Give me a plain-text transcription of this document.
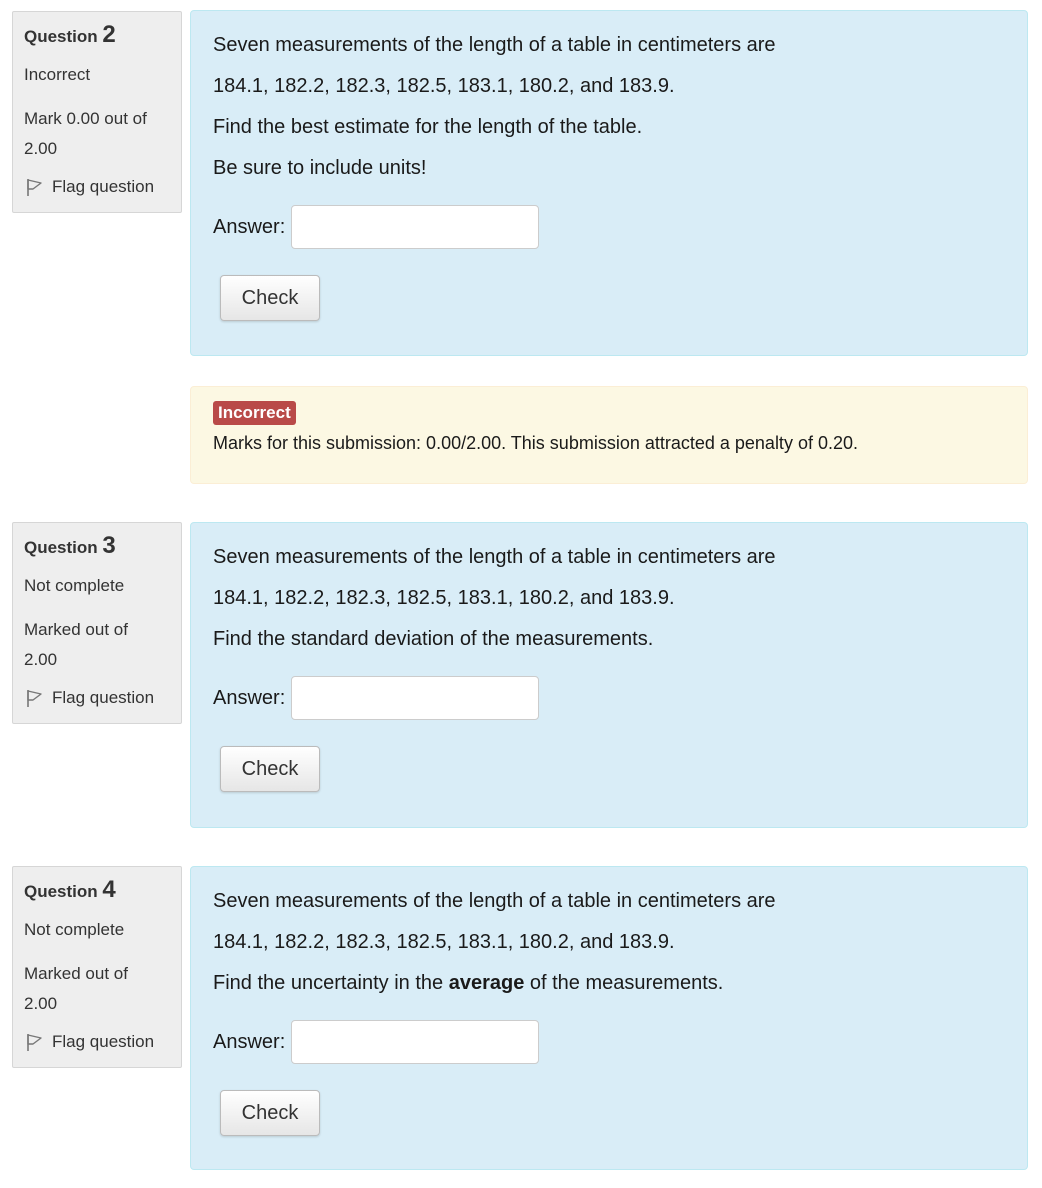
Question 2
Incorrect
Mark 0.00 out of
2.00
Flag question

Seven measurements of the length of a table in centimeters are

184.1, 182.2, 182.3, 182.5, 183.1, 180.2, and 183.9.

Find the best estimate for the length of the table.

Be sure to include units!

Answer:
Check
Incorrect
Marks for this submission: 0.00/2.00. This submission attracted a penalty of 0.20.
Question 3
Not complete
Marked out of
2.00
Flag question

Seven measurements of the length of a table in centimeters are

184.1, 182.2, 182.3, 182.5, 183.1, 180.2, and 183.9.

Find the standard deviation of the measurements.

Answer:
Check
Question 4
Not complete
Marked out of
2.00
Flag question

Seven measurements of the length of a table in centimeters are

184.1, 182.2, 182.3, 182.5, 183.1, 180.2, and 183.9.

Find the uncertainty in the average of the measurements.

Answer:
Check
